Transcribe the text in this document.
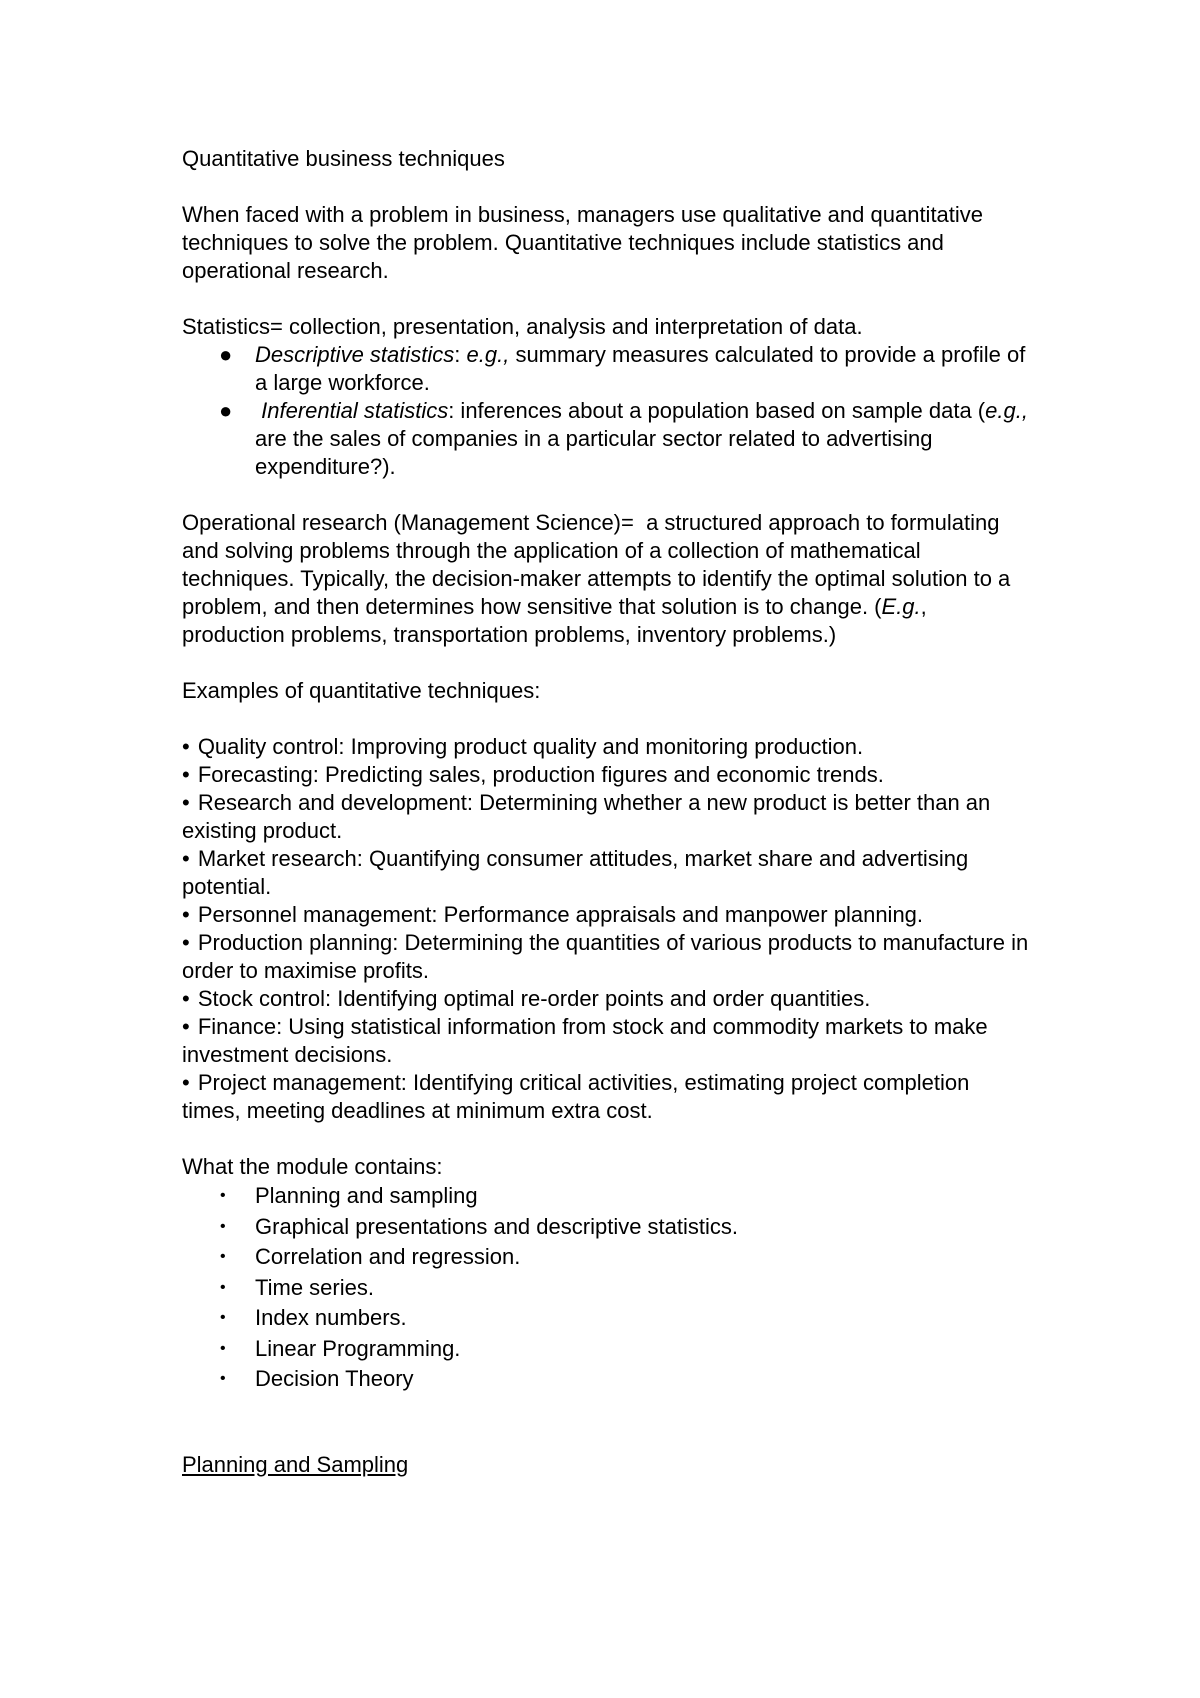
Quantitative business techniques

When faced with a problem in business, managers use qualitative and quantitative techniques to solve the problem. Quantitative techniques include statistics and operational research.

Statistics= collection, presentation, analysis and interpretation of data.

● Descriptive statistics: e.g., summary measures calculated to provide a profile of a large workforce.
● Inferential statistics: inferences about a population based on sample data (e.g., are the sales of companies in a particular sector related to advertising expenditure?).

Operational research (Management Science)=  a structured approach to formulating and solving problems through the application of a collection of mathematical techniques. Typically, the decision-maker attempts to identify the optimal solution to a problem, and then determines how sensitive that solution is to change. (E.g., production problems, transportation problems, inventory problems.)

Examples of quantitative techniques:

• Quality control: Improving product quality and monitoring production.

• Forecasting: Predicting sales, production figures and economic trends.

• Research and development: Determining whether a new product is better than an existing product.

• Market research: Quantifying consumer attitudes, market share and advertising potential.

• Personnel management: Performance appraisals and manpower planning.

• Production planning: Determining the quantities of various products to manufacture in order to maximise profits.

• Stock control: Identifying optimal re-order points and order quantities.

• Finance: Using statistical information from stock and commodity markets to make investment decisions.

• Project management: Identifying critical activities, estimating project completion times, meeting deadlines at minimum extra cost.

What the module contains:

• Planning and sampling
• Graphical presentations and descriptive statistics.
• Correlation and regression.
• Time series.
• Index numbers.
• Linear Programming.
• Decision Theory

Planning and Sampling
